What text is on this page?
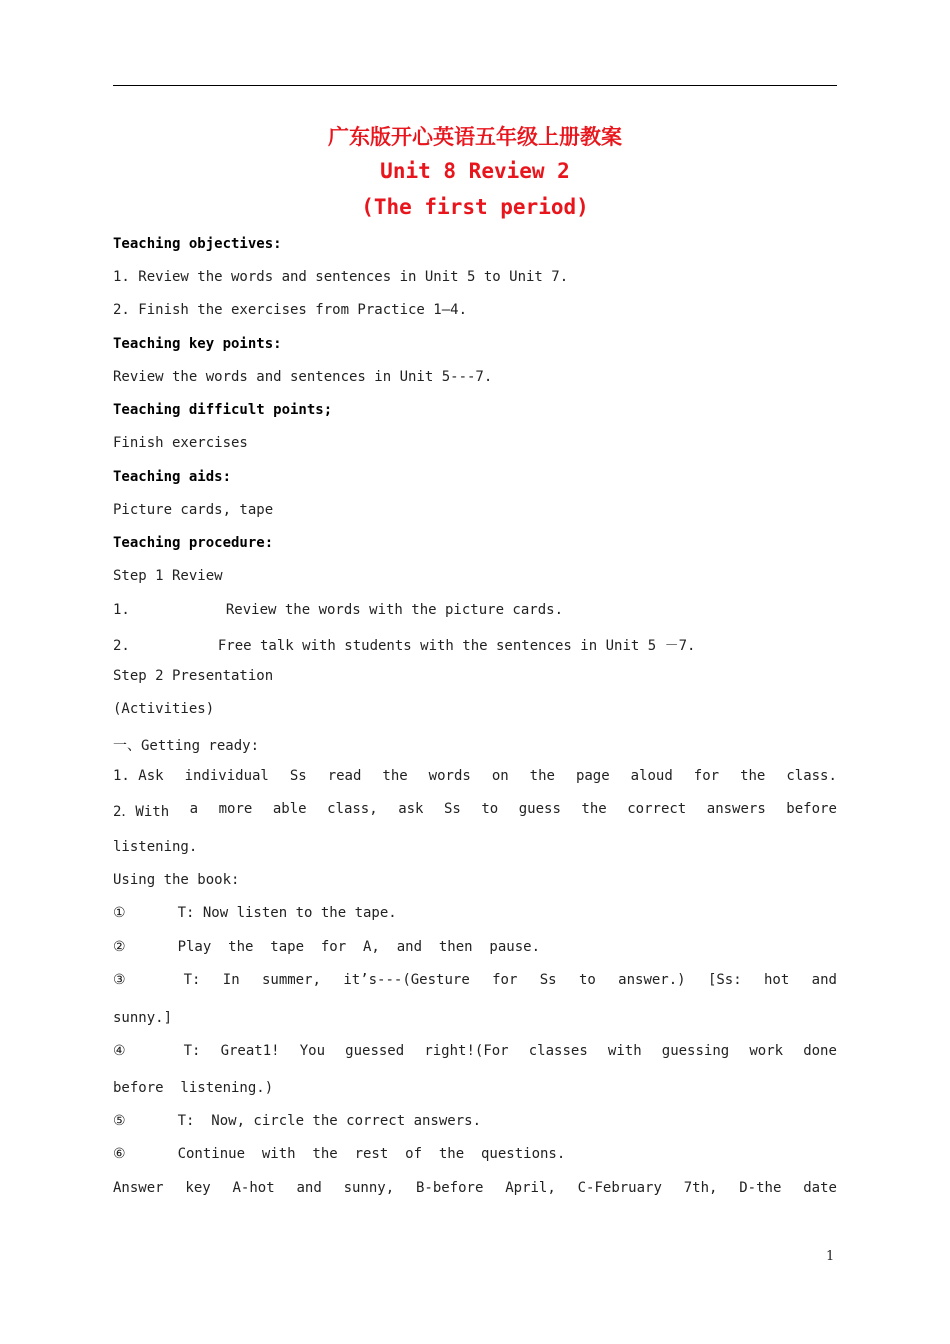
广东版开心英语五年级上册教案
Unit 8 Review 2
(The first period)
Teaching objectives:
1. Review the words and sentences in Unit 5 to Unit 7.
2. Finish the exercises from Practice 1—4.
Teaching key points:
Review the words and sentences in Unit 5---7.
Teaching difficult points;
Finish exercises
Teaching aids:
Picture cards, tape
Teaching procedure:
Step 1 Review
1.	Review the words with the picture cards.
2.	Free talk with students with the sentences in Unit 5 －7.
Step 2 Presentation
(Activities)
一、Getting ready:
1. Ask individual Ss read the words on the page aloud for the class.
2．With a more able class, ask Ss to guess the correct answers before
listening.
Using the book:
①	T: Now listen to the tape.
②	Play  the  tape  for  A,  and  then  pause.
③	T: In summer, it’s---(Gesture for Ss to answer.) [Ss: hot and
sunny.]
④	T: Great1! You guessed right!(For classes with guessing work done
before  listening.)
⑤	T:  Now, circle the correct answers.
⑥	Continue  with  the  rest  of  the  questions.
Answer key A-hot and sunny, B-before April, C-February 7th, D-the date
1
